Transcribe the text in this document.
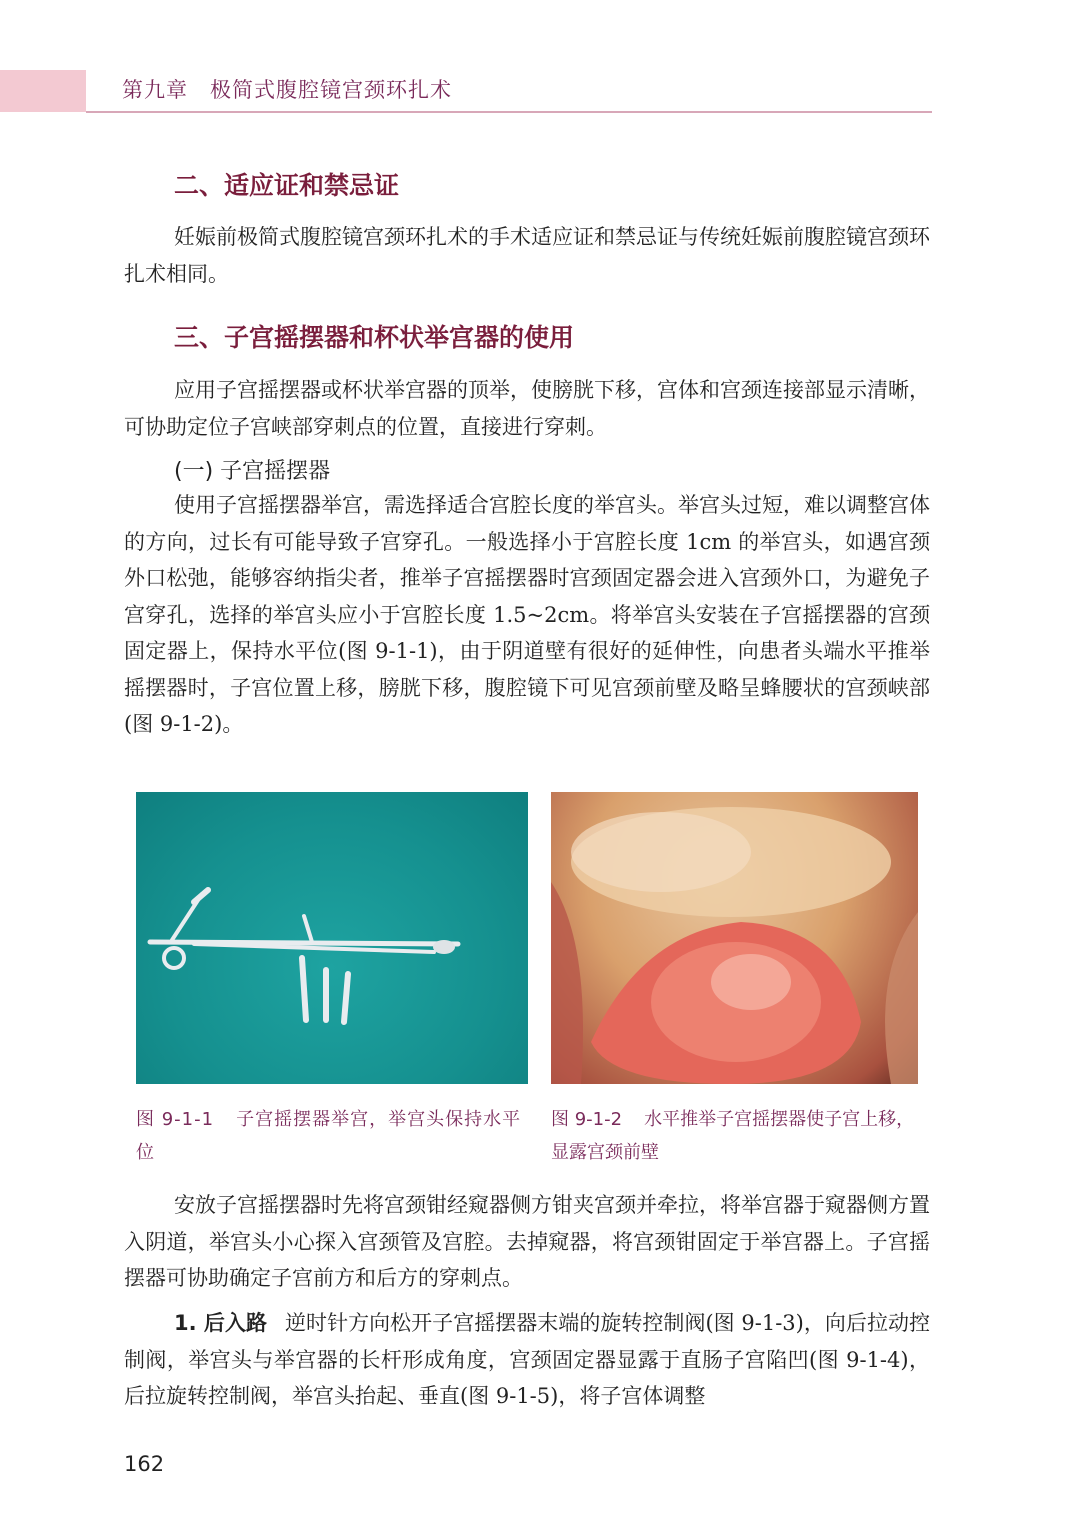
第九章 极简式腹腔镜宫颈环扎术
二、适应证和禁忌证

妊娠前极简式腹腔镜宫颈环扎术的手术适应证和禁忌证与传统妊娠前腹腔镜宫颈环扎术相同。

三、子宫摇摆器和杯状举宫器的使用

应用子宫摇摆器或杯状举宫器的顶举，使膀胱下移，宫体和宫颈连接部显示清晰，可协助定位子宫峡部穿刺点的位置，直接进行穿刺。

(一) 子宫摇摆器

使用子宫摇摆器举宫，需选择适合宫腔长度的举宫头。举宫头过短，难以调整宫体的方向，过长有可能导致子宫穿孔。一般选择小于宫腔长度 1cm 的举宫头，如遇宫颈外口松弛，能够容纳指尖者，推举子宫摇摆器时宫颈固定器会进入宫颈外口，为避免子宫穿孔，选择的举宫头应小于宫腔长度 1.5~2cm。将举宫头安装在子宫摇摆器的宫颈固定器上，保持水平位(图 9-1-1)，由于阴道壁有很好的延伸性，向患者头端水平推举摇摆器时，子宫位置上移，膀胱下移，腹腔镜下可见宫颈前壁及略呈蜂腰状的宫颈峡部(图 9-1-2)。

图 9-1-1 子宫摇摆器举宫，举宫头保持水平位
图 9-1-2 水平推举子宫摇摆器使子宫上移，显露宫颈前壁

安放子宫摇摆器时先将宫颈钳经窥器侧方钳夹宫颈并牵拉，将举宫器于窥器侧方置入阴道，举宫头小心探入宫颈管及宫腔。去掉窥器，将宫颈钳固定于举宫器上。子宫摇摆器可协助确定子宫前方和后方的穿刺点。

1. 后入路 逆时针方向松开子宫摇摆器末端的旋转控制阀(图 9-1-3)，向后拉动控制阀，举宫头与举宫器的长杆形成角度，宫颈固定器显露于直肠子宫陷凹(图 9-1-4)，后拉旋转控制阀，举宫头抬起、垂直(图 9-1-5)，将子宫体调整

162
